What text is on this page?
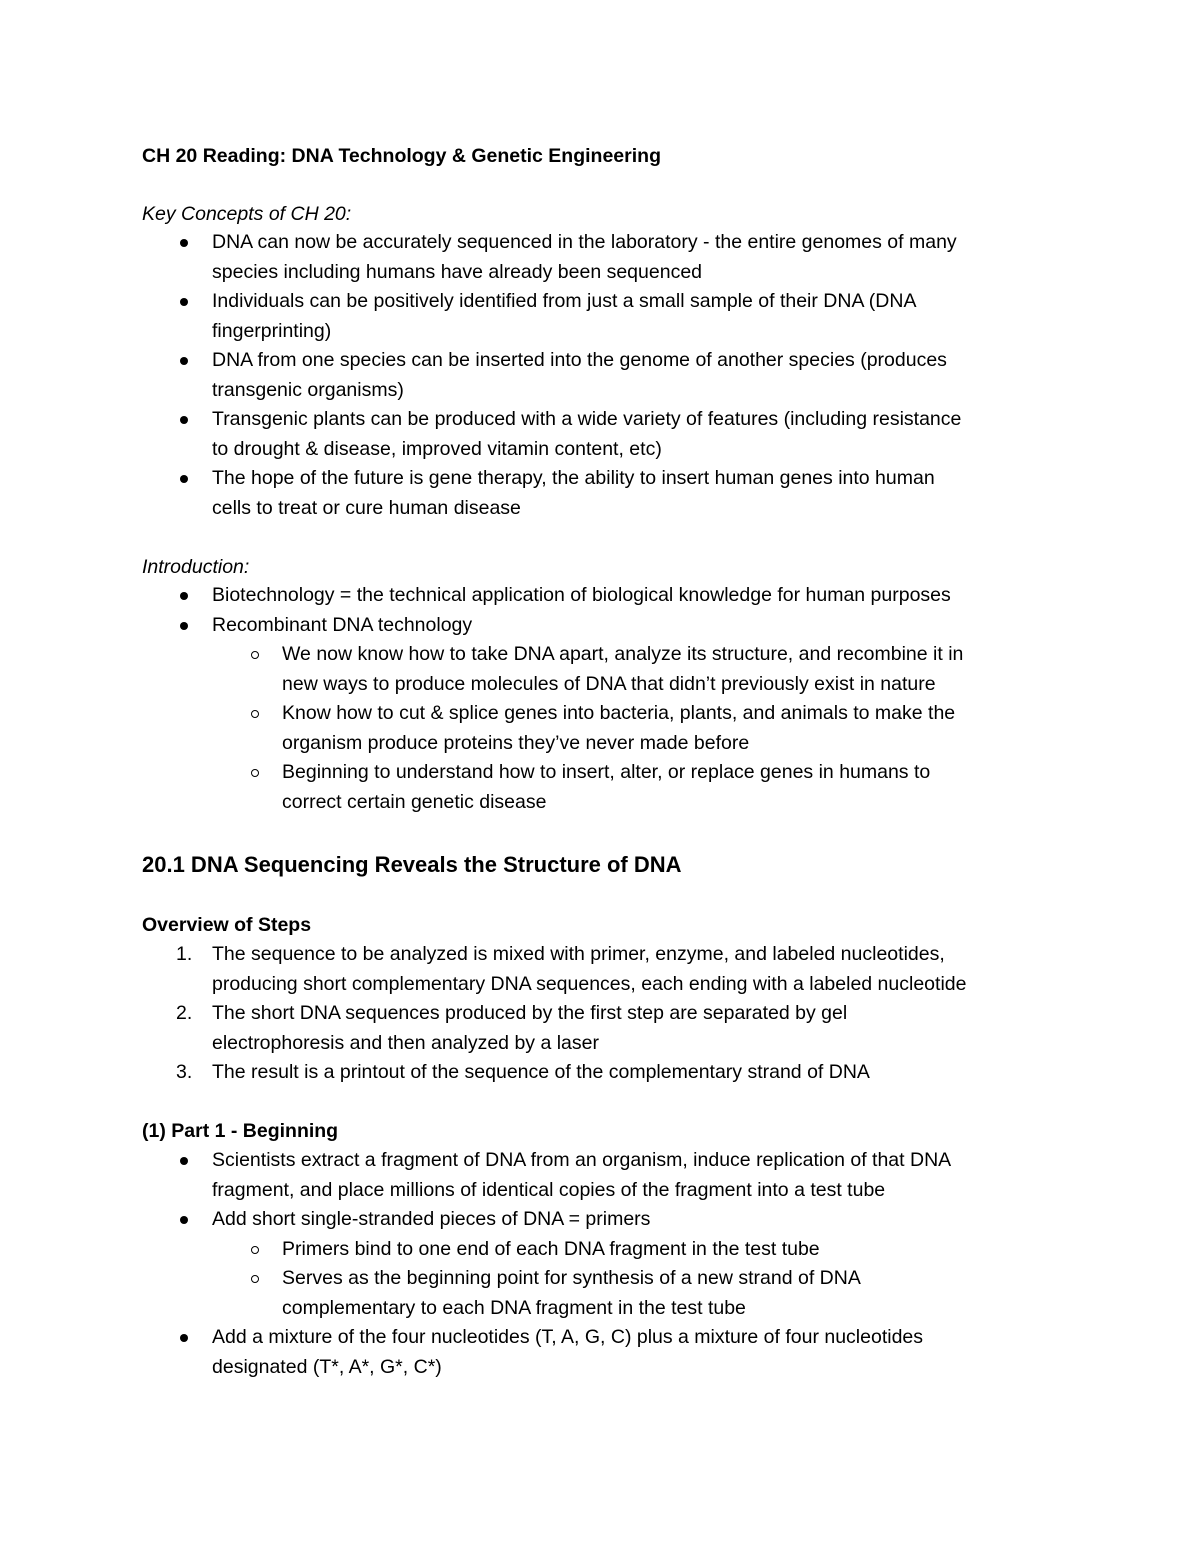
CH 20 Reading: DNA Technology & Genetic Engineering
Key Concepts of CH 20:
DNA can now be accurately sequenced in the laboratory - the entire genomes of many
species including humans have already been sequenced
Individuals can be positively identified from just a small sample of their DNA (DNA
fingerprinting)
DNA from one species can be inserted into the genome of another species (produces
transgenic organisms)
Transgenic plants can be produced with a wide variety of features (including resistance
to drought & disease, improved vitamin content, etc)
The hope of the future is gene therapy, the ability to insert human genes into human
cells to treat or cure human disease
Introduction:
Biotechnology = the technical application of biological knowledge for human purposes
Recombinant DNA technology
We now know how to take DNA apart, analyze its structure, and recombine it in
new ways to produce molecules of DNA that didn’t previously exist in nature
Know how to cut & splice genes into bacteria, plants, and animals to make the
organism produce proteins they’ve never made before
Beginning to understand how to insert, alter, or replace genes in humans to
correct certain genetic disease
20.1 DNA Sequencing Reveals the Structure of DNA
Overview of Steps
1.	The sequence to be analyzed is mixed with primer, enzyme, and labeled nucleotides,
producing short complementary DNA sequences, each ending with a labeled nucleotide
2.	The short DNA sequences produced by the first step are separated by gel
electrophoresis and then analyzed by a laser
3.	The result is a printout of the sequence of the complementary strand of DNA
(1) Part 1 - Beginning
Scientists extract a fragment of DNA from an organism, induce replication of that DNA
fragment, and place millions of identical copies of the fragment into a test tube
Add short single-stranded pieces of DNA = primers
Primers bind to one end of each DNA fragment in the test tube
Serves as the beginning point for synthesis of a new strand of DNA
complementary to each DNA fragment in the test tube
Add a mixture of the four nucleotides (T, A, G, C) plus a mixture of four nucleotides
designated (T*, A*, G*, C*)
